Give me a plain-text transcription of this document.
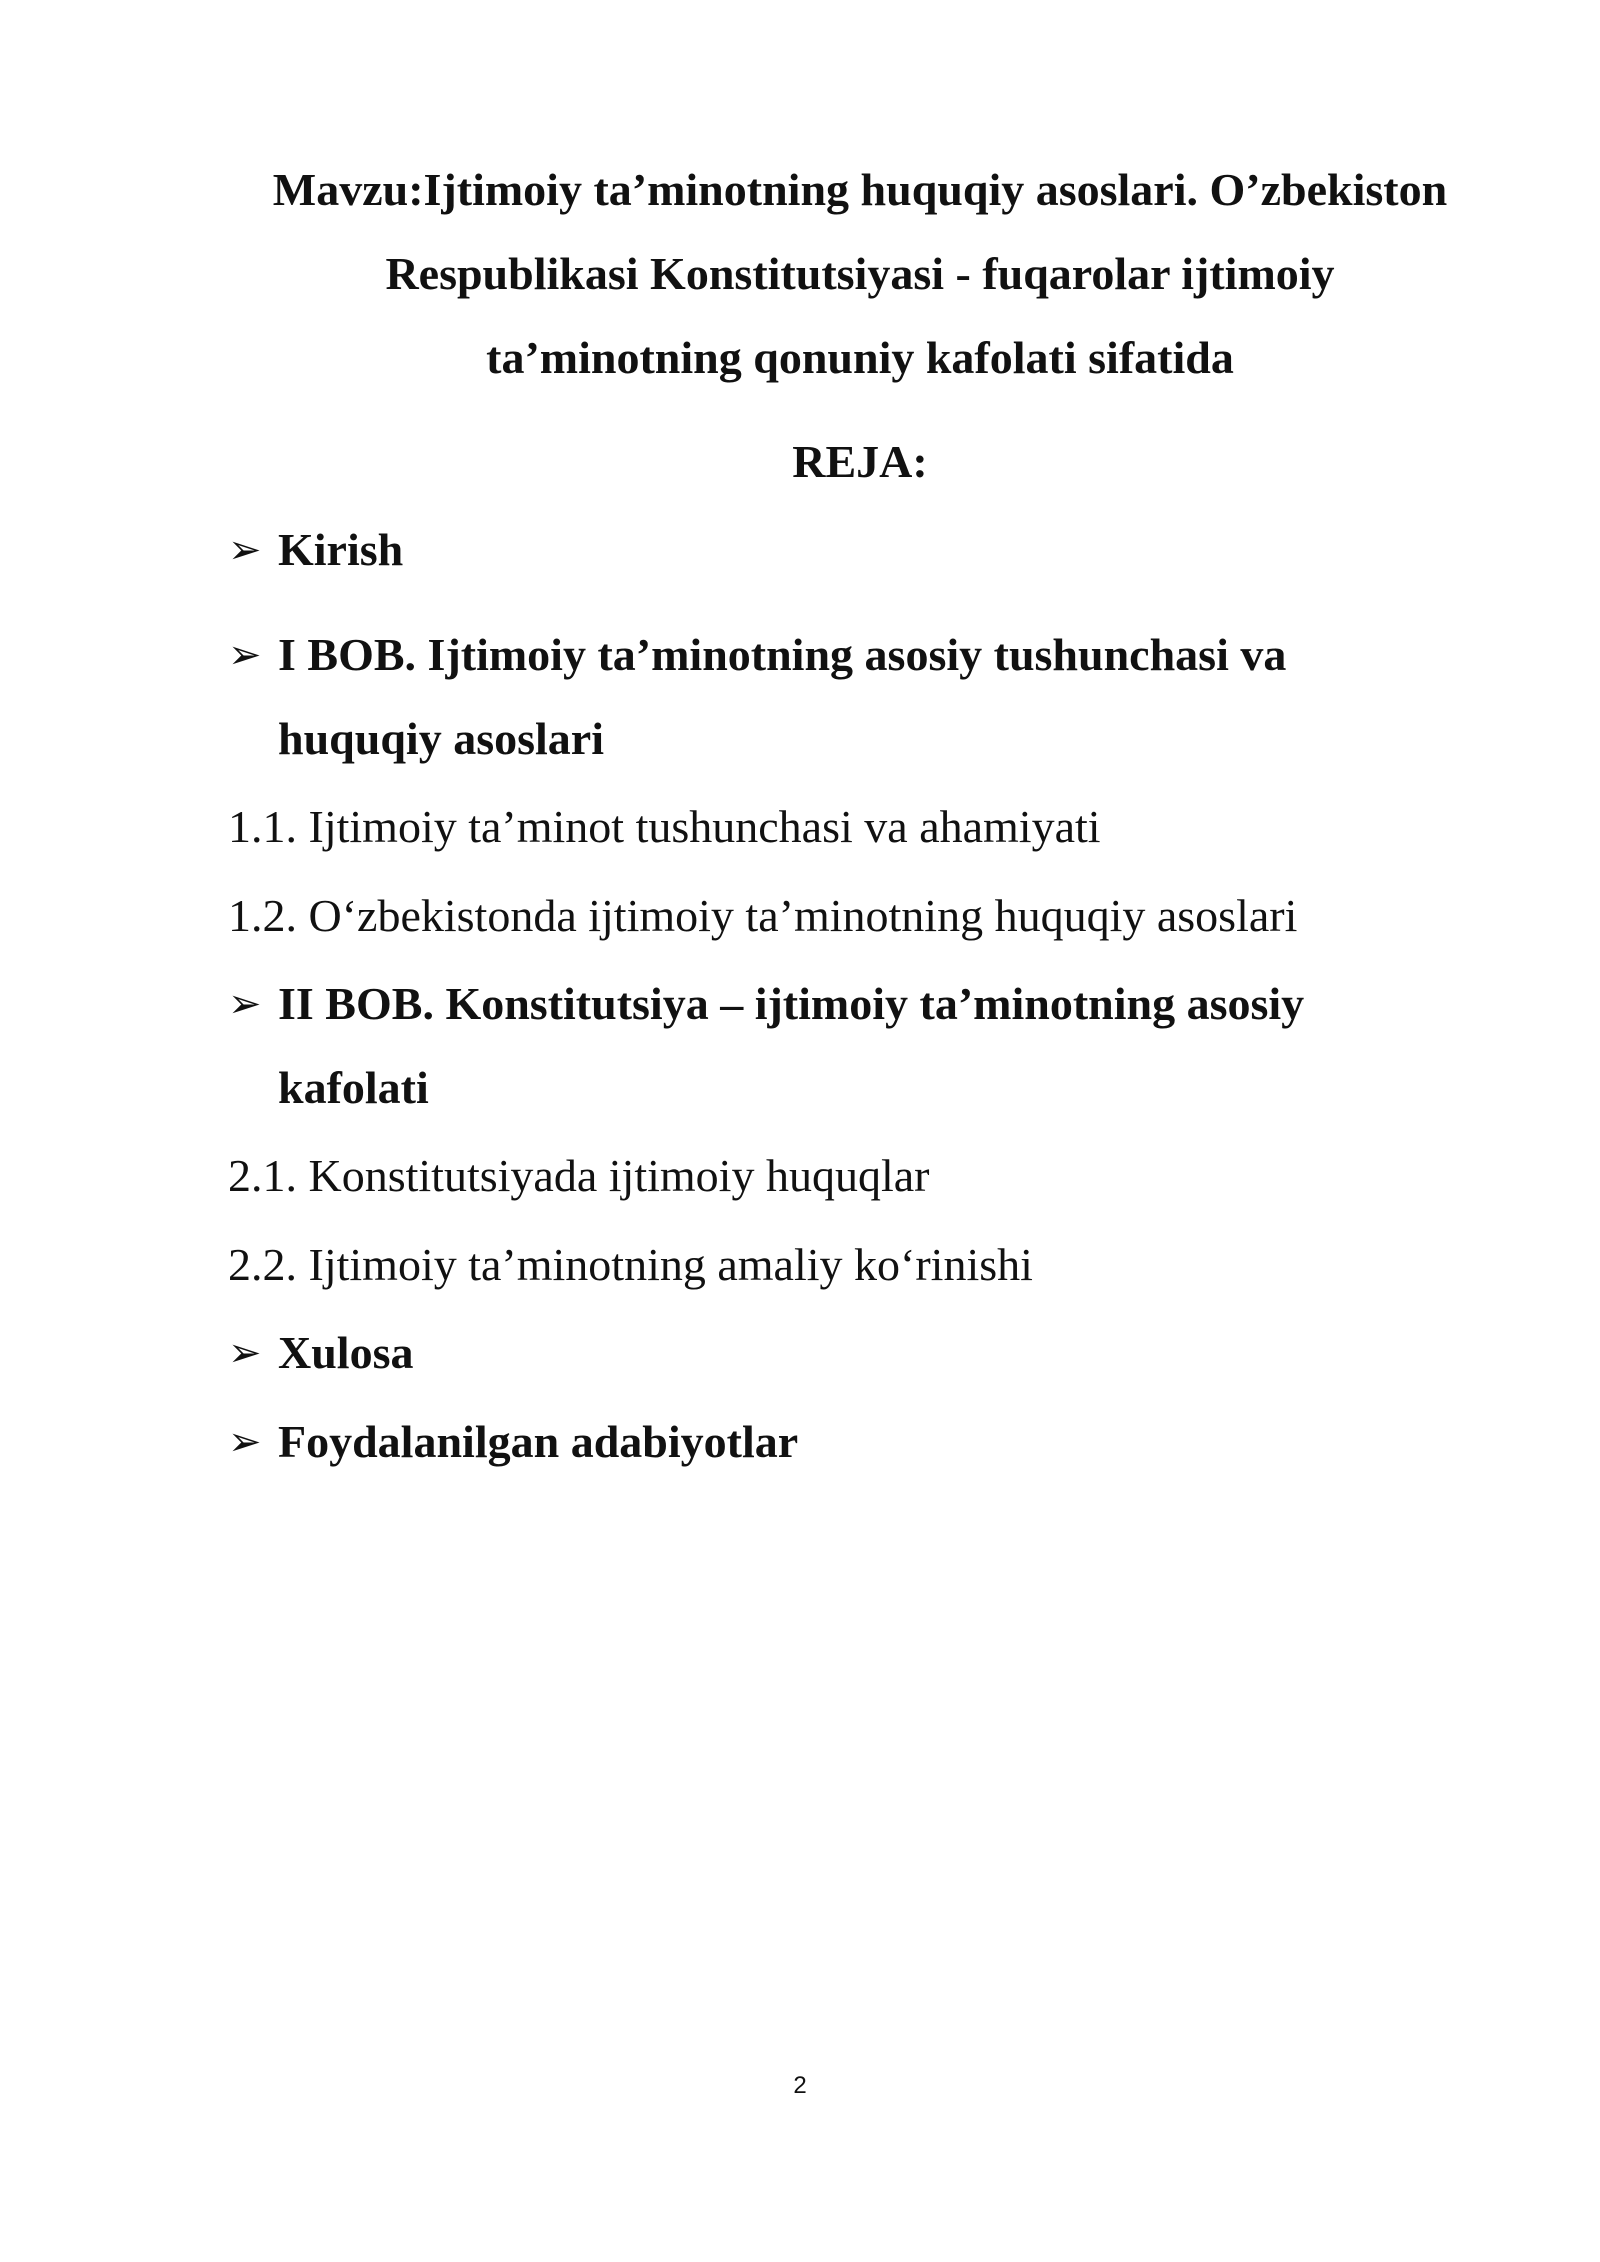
Mavzu:Ijtimoiy ta’minotning huquqiy asoslari. O’zbekiston
Respublikasi Konstitutsiyasi - fuqarolar ijtimoiy
ta’minotning qonuniy kafolati sifatida
REJA:
➢ Kirish
➢ I BOB. Ijtimoiy ta’minotning asosiy tushunchasi va
huquqiy asoslari
1.1. Ijtimoiy ta’minot tushunchasi va ahamiyati
1.2. O‘zbekistonda ijtimoiy ta’minotning huquqiy asoslari
➢ II BOB. Konstitutsiya – ijtimoiy ta’minotning asosiy
kafolati
2.1. Konstitutsiyada ijtimoiy huquqlar
2.2. Ijtimoiy ta’minotning amaliy ko‘rinishi
➢ Xulosa
➢ Foydalanilgan adabiyotlar
2
